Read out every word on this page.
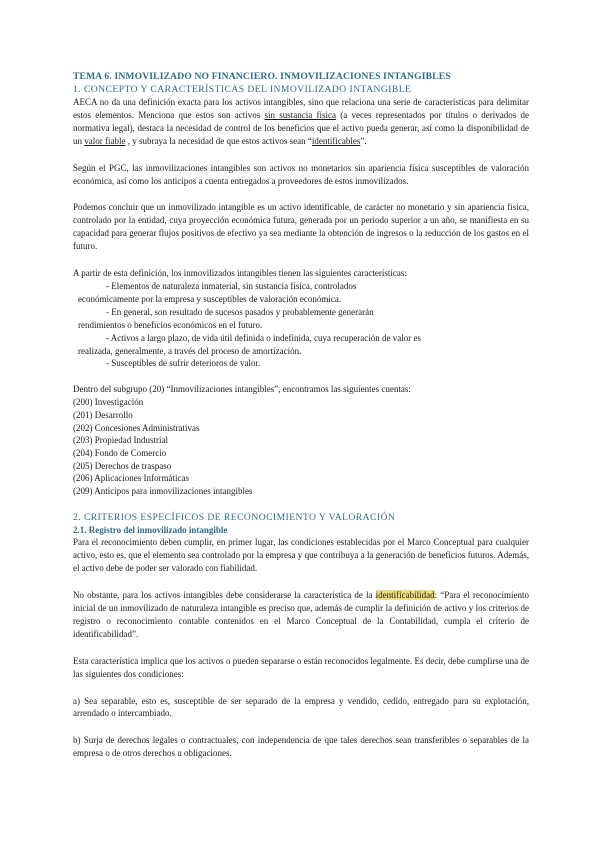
TEMA 6. INMOVILIZADO NO FINANCIERO. INMOVILIZACIONES INTANGIBLES

1. CONCEPTO Y CARACTERÍSTICAS DEL INMOVILIZADO INTANGIBLE

AECA no da una definición exacta para los activos intangibles, sino que relaciona una serie de características para delimitar estos elementos. Menciona que estos son activos sin sustancia física (a veces representados por títulos o derivados de normativa legal), destaca la necesidad de control de los beneficios que el activo pueda generar, así como la disponibilidad de un valor fiable , y subraya la necesidad de que estos activos sean “identificables”.

Según el PGC, las inmovilizaciones intangibles son activos no monetarios sin apariencia física susceptibles de valoración económica, así como los anticipos a cuenta entregados a proveedores de estos inmovilizados.

Podemos concluir que un inmovilizado intangible es un activo identificable, de carácter no monetario y sin apariencia física, controlado por la entidad, cuya proyección económica futura, generada por un periodo superior a un año, se manifiesta en su capacidad para generar flujos positivos de efectivo ya sea mediante la obtención de ingresos o la reducción de los gastos en el futuro.

A partir de esta definición, los inmovilizados intangibles tienen las siguientes características:

- Elementos de naturaleza inmaterial, sin sustancia física, controlados
económicamente por la empresa y susceptibles de valoración económica.
- En general, son resultado de sucesos pasados y probablemente generarán
rendimientos o beneficios económicos en el futuro.
- Activos a largo plazo, de vida útil definida o indefinida, cuya recuperación de valor es
realizada, generalmente, a través del proceso de amortización.
- Susceptibles de sufrir deterioros de valor.

Dentro del subgrupo (20) “Inmovilizaciones intangibles”, encontramos las siguientes cuentas:

(200) Investigación
(201) Desarrollo
(202) Concesiones Administrativas
(203) Propiedad Industrial
(204) Fondo de Comercio
(205) Derechos de traspaso
(206) Aplicaciones Informáticas
(209) Anticipos para inmovilizaciones intangibles

2. CRITERIOS ESPECÍFICOS DE RECONOCIMIENTO Y VALORACIÓN

2.1. Registro del inmovilizado intangible

Para el reconocimiento deben cumplir, en primer lugar, las condiciones establecidas por el Marco Conceptual para cualquier activo, esto es, que el elemento sea controlado por la empresa y que contribuya a la generación de beneficios futuros. Además, el activo debe de poder ser valorado con fiabilidad.

No obstante, para los activos intangibles debe considerarse la característica de la identificabilidad: “Para el reconocimiento inicial de un inmovilizado de naturaleza intangible es preciso que, además de cumplir la definición de activo y los criterios de registro o reconocimiento contable contenidos en el Marco Conceptual de la Contabilidad, cumpla el criterio de identificabilidad”.

Esta característica implica que los activos o pueden separarse o están reconocidos legalmente. Es decir, debe cumplirse una de las siguientes dos condiciones:

a) Sea separable, esto es, susceptible de ser separado de la empresa y vendido, cedido, entregado para su explotación, arrendado o intercambiado.

b) Surja de derechos legales o contractuales, con independencia de que tales derechos sean transferibles o separables de la empresa o de otros derechos u obligaciones.
